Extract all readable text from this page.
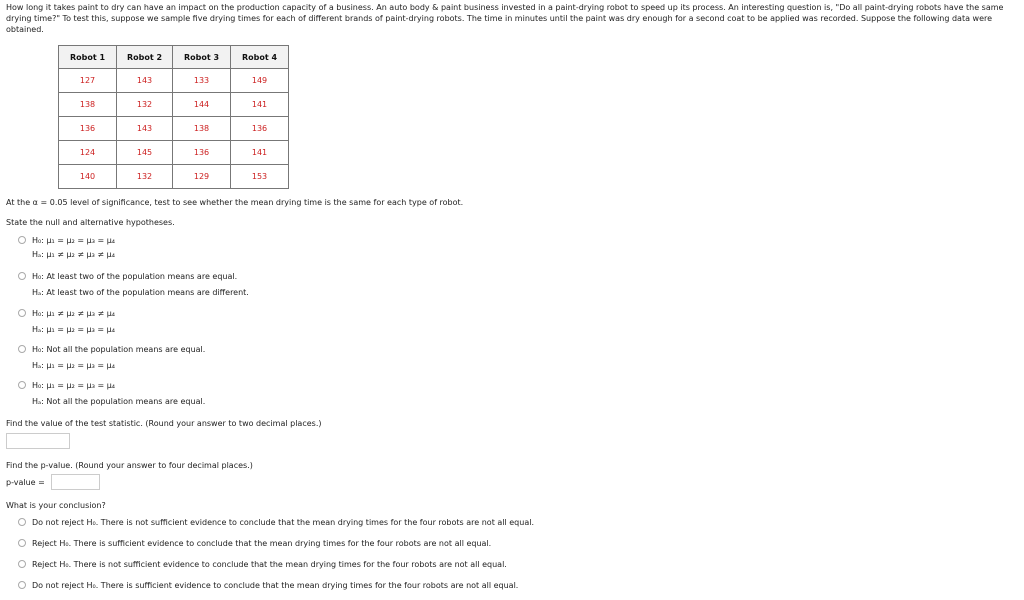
How long it takes paint to dry can have an impact on the production capacity of a business. An auto body & paint business invested in a paint-drying robot to speed up its process. An interesting question is, "Do all paint-drying robots have the same drying time?" To test this, suppose we sample five drying times for each of different brands of paint-drying robots. The time in minutes until the paint was dry enough for a second coat to be applied was recorded. Suppose the following data were obtained.
Robot 1	Robot 2	Robot 3	Robot 4
127	143	133	149
138	132	144	141
136	143	138	136
124	145	136	141
140	132	129	153
At the α = 0.05 level of significance, test to see whether the mean drying time is the same for each type of robot.
State the null and alternative hypotheses.
H₀: μ₁ = μ₂ = μ₃ = μ₄
Hₐ: μ₁ ≠ μ₂ ≠ μ₃ ≠ μ₄
H₀: At least two of the population means are equal.
Hₐ: At least two of the population means are different.
H₀: μ₁ ≠ μ₂ ≠ μ₃ ≠ μ₄
Hₐ: μ₁ = μ₂ = μ₃ = μ₄
H₀: Not all the population means are equal.
Hₐ: μ₁ = μ₂ = μ₃ = μ₄
H₀: μ₁ = μ₂ = μ₃ = μ₄
Hₐ: Not all the population means are equal.
Find the value of the test statistic. (Round your answer to two decimal places.)
Find the p-value. (Round your answer to four decimal places.)
p-value =
What is your conclusion?
Do not reject H₀. There is not sufficient evidence to conclude that the mean drying times for the four robots are not all equal.
Reject H₀. There is sufficient evidence to conclude that the mean drying times for the four robots are not all equal.
Reject H₀. There is not sufficient evidence to conclude that the mean drying times for the four robots are not all equal.
Do not reject H₀. There is sufficient evidence to conclude that the mean drying times for the four robots are not all equal.
